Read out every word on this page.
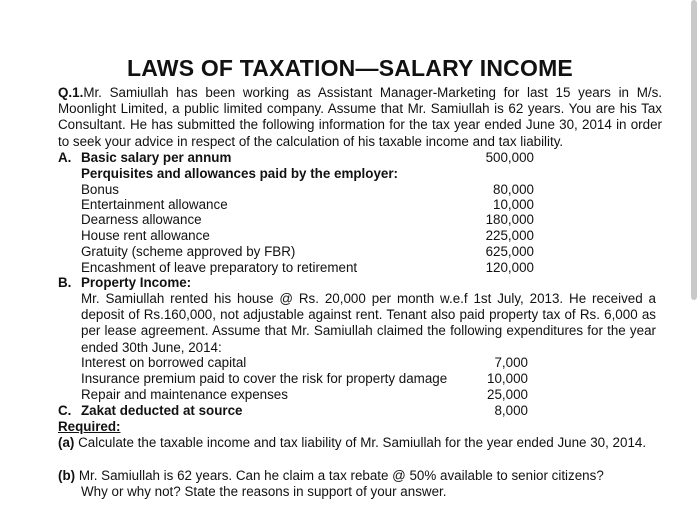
LAWS OF TAXATION—SALARY INCOME
Q.1.Mr. Samiullah has been working as Assistant Manager-Marketing for last 15 years in M/s. Moonlight Limited, a public limited company. Assume that Mr. Samiullah is 62 years. You are his Tax Consultant. He has submitted the following information for the tax year ended June 30, 2014 in order to seek your advice in respect of the calculation of his taxable income and tax liability.
A. Basic salary per annum	500,000
Perquisites and allowances paid by the employer:
Bonus	80,000
Entertainment allowance	10,000
Dearness allowance	180,000
House rent allowance	225,000
Gratuity (scheme approved by FBR)	625,000
Encashment of leave preparatory to retirement	120,000
B. Property Income:
Mr. Samiullah rented his house @ Rs. 20,000 per month w.e.f 1st July, 2013. He received a deposit of Rs.160,000, not adjustable against rent. Tenant also paid property tax of Rs. 6,000 as per lease agreement. Assume that Mr. Samiullah claimed the following expenditures for the year ended 30th June, 2014:
Interest on borrowed capital	7,000
Insurance premium paid to cover the risk for property damage	10,000
Repair and maintenance expenses	25,000
C. Zakat deducted at source	8,000
Required:
(a) Calculate the taxable income and tax liability of Mr. Samiullah for the year ended June 30, 2014.
(b) Mr. Samiullah is 62 years. Can he claim a tax rebate @ 50% available to senior citizens?
Why or why not? State the reasons in support of your answer.
